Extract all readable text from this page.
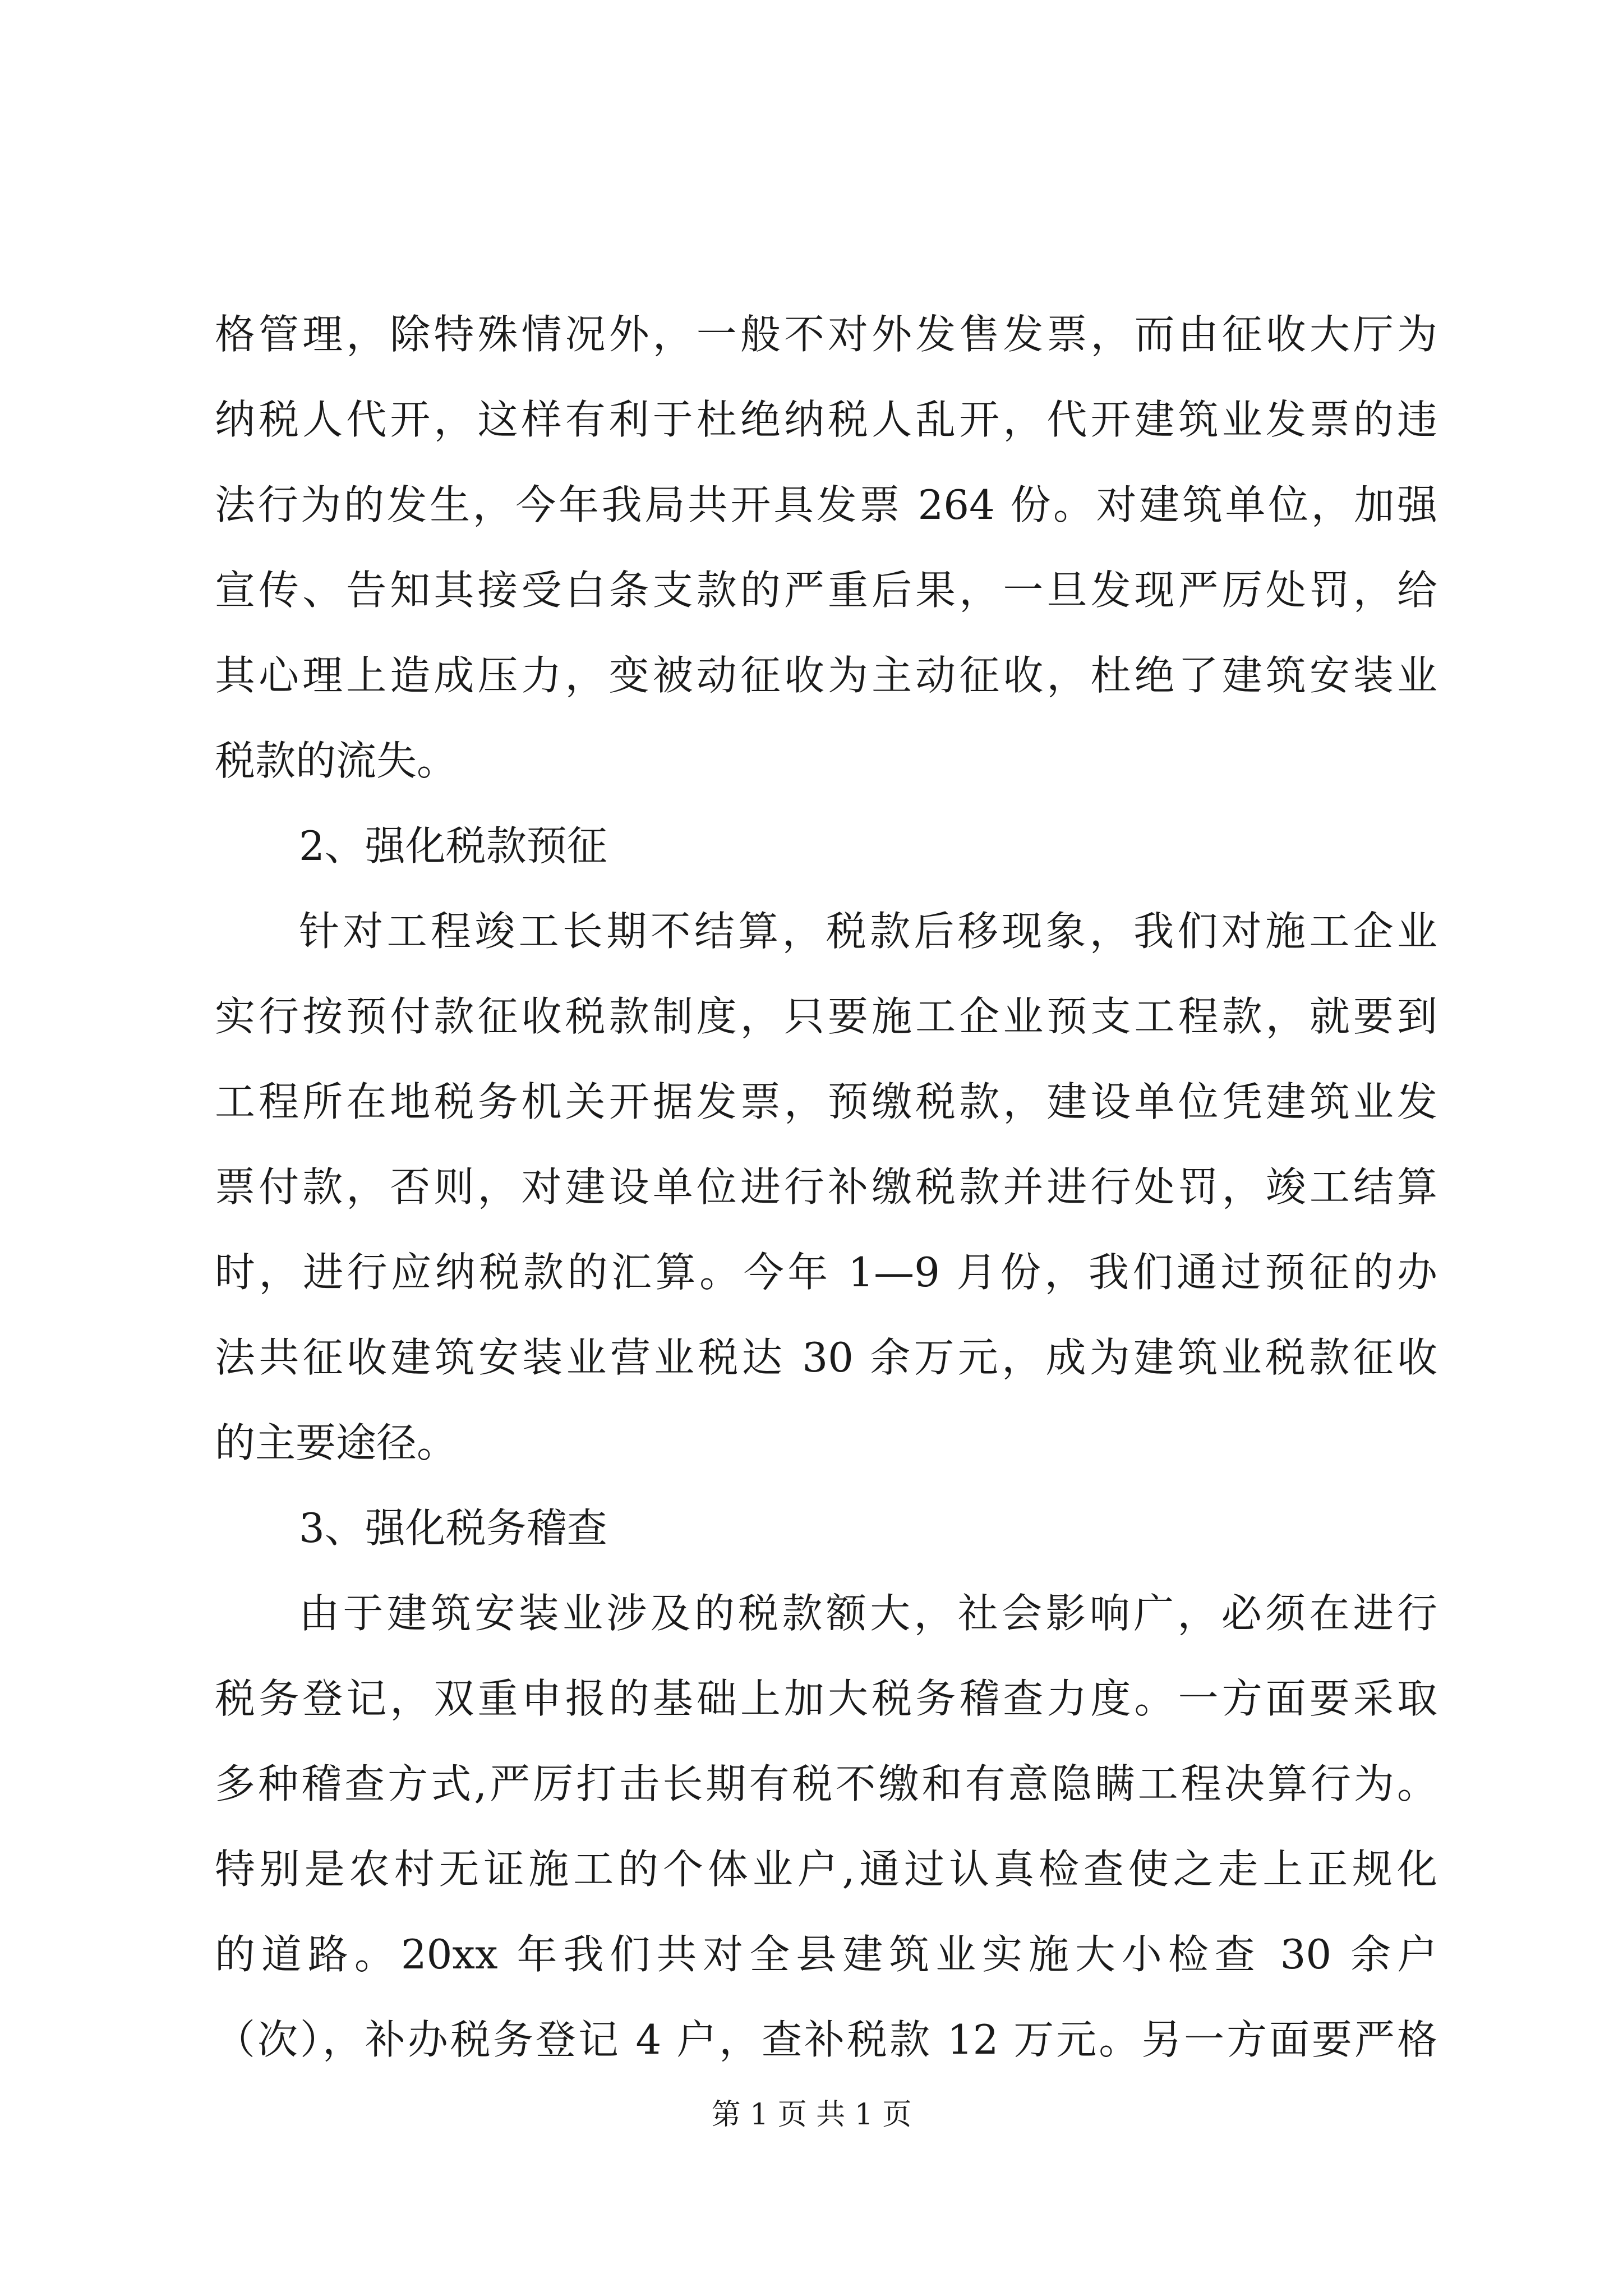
格管理，除特殊情况外，一般不对外发售发票，而由征收大厅为
纳税人代开，这样有利于杜绝纳税人乱开，代开建筑业发票的违
法行为的发生，今年我局共开具发票 264 份。对建筑单位，加强
宣传、告知其接受白条支款的严重后果，一旦发现严厉处罚，给
其心理上造成压力，变被动征收为主动征收，杜绝了建筑安装业
税款的流失。
2、强化税款预征
针对工程竣工长期不结算，税款后移现象，我们对施工企业
实行按预付款征收税款制度，只要施工企业预支工程款，就要到
工程所在地税务机关开据发票，预缴税款，建设单位凭建筑业发
票付款，否则，对建设单位进行补缴税款并进行处罚，竣工结算
时，进行应纳税款的汇算。今年 1—9 月份，我们通过预征的办
法共征收建筑安装业营业税达 30 余万元，成为建筑业税款征收
的主要途径。
3、强化税务稽查
由于建筑安装业涉及的税款额大，社会影响广，必须在进行
税务登记，双重申报的基础上加大税务稽查力度。一方面要采取
多种稽查方式,严厉打击长期有税不缴和有意隐瞒工程决算行为。
特别是农村无证施工的个体业户,通过认真检查使之走上正规化
的道路。20xx 年我们共对全县建筑业实施大小检查 30 余户
（次），补办税务登记 4 户，查补税款 12 万元。另一方面要严格
第 1 页 共 1 页
